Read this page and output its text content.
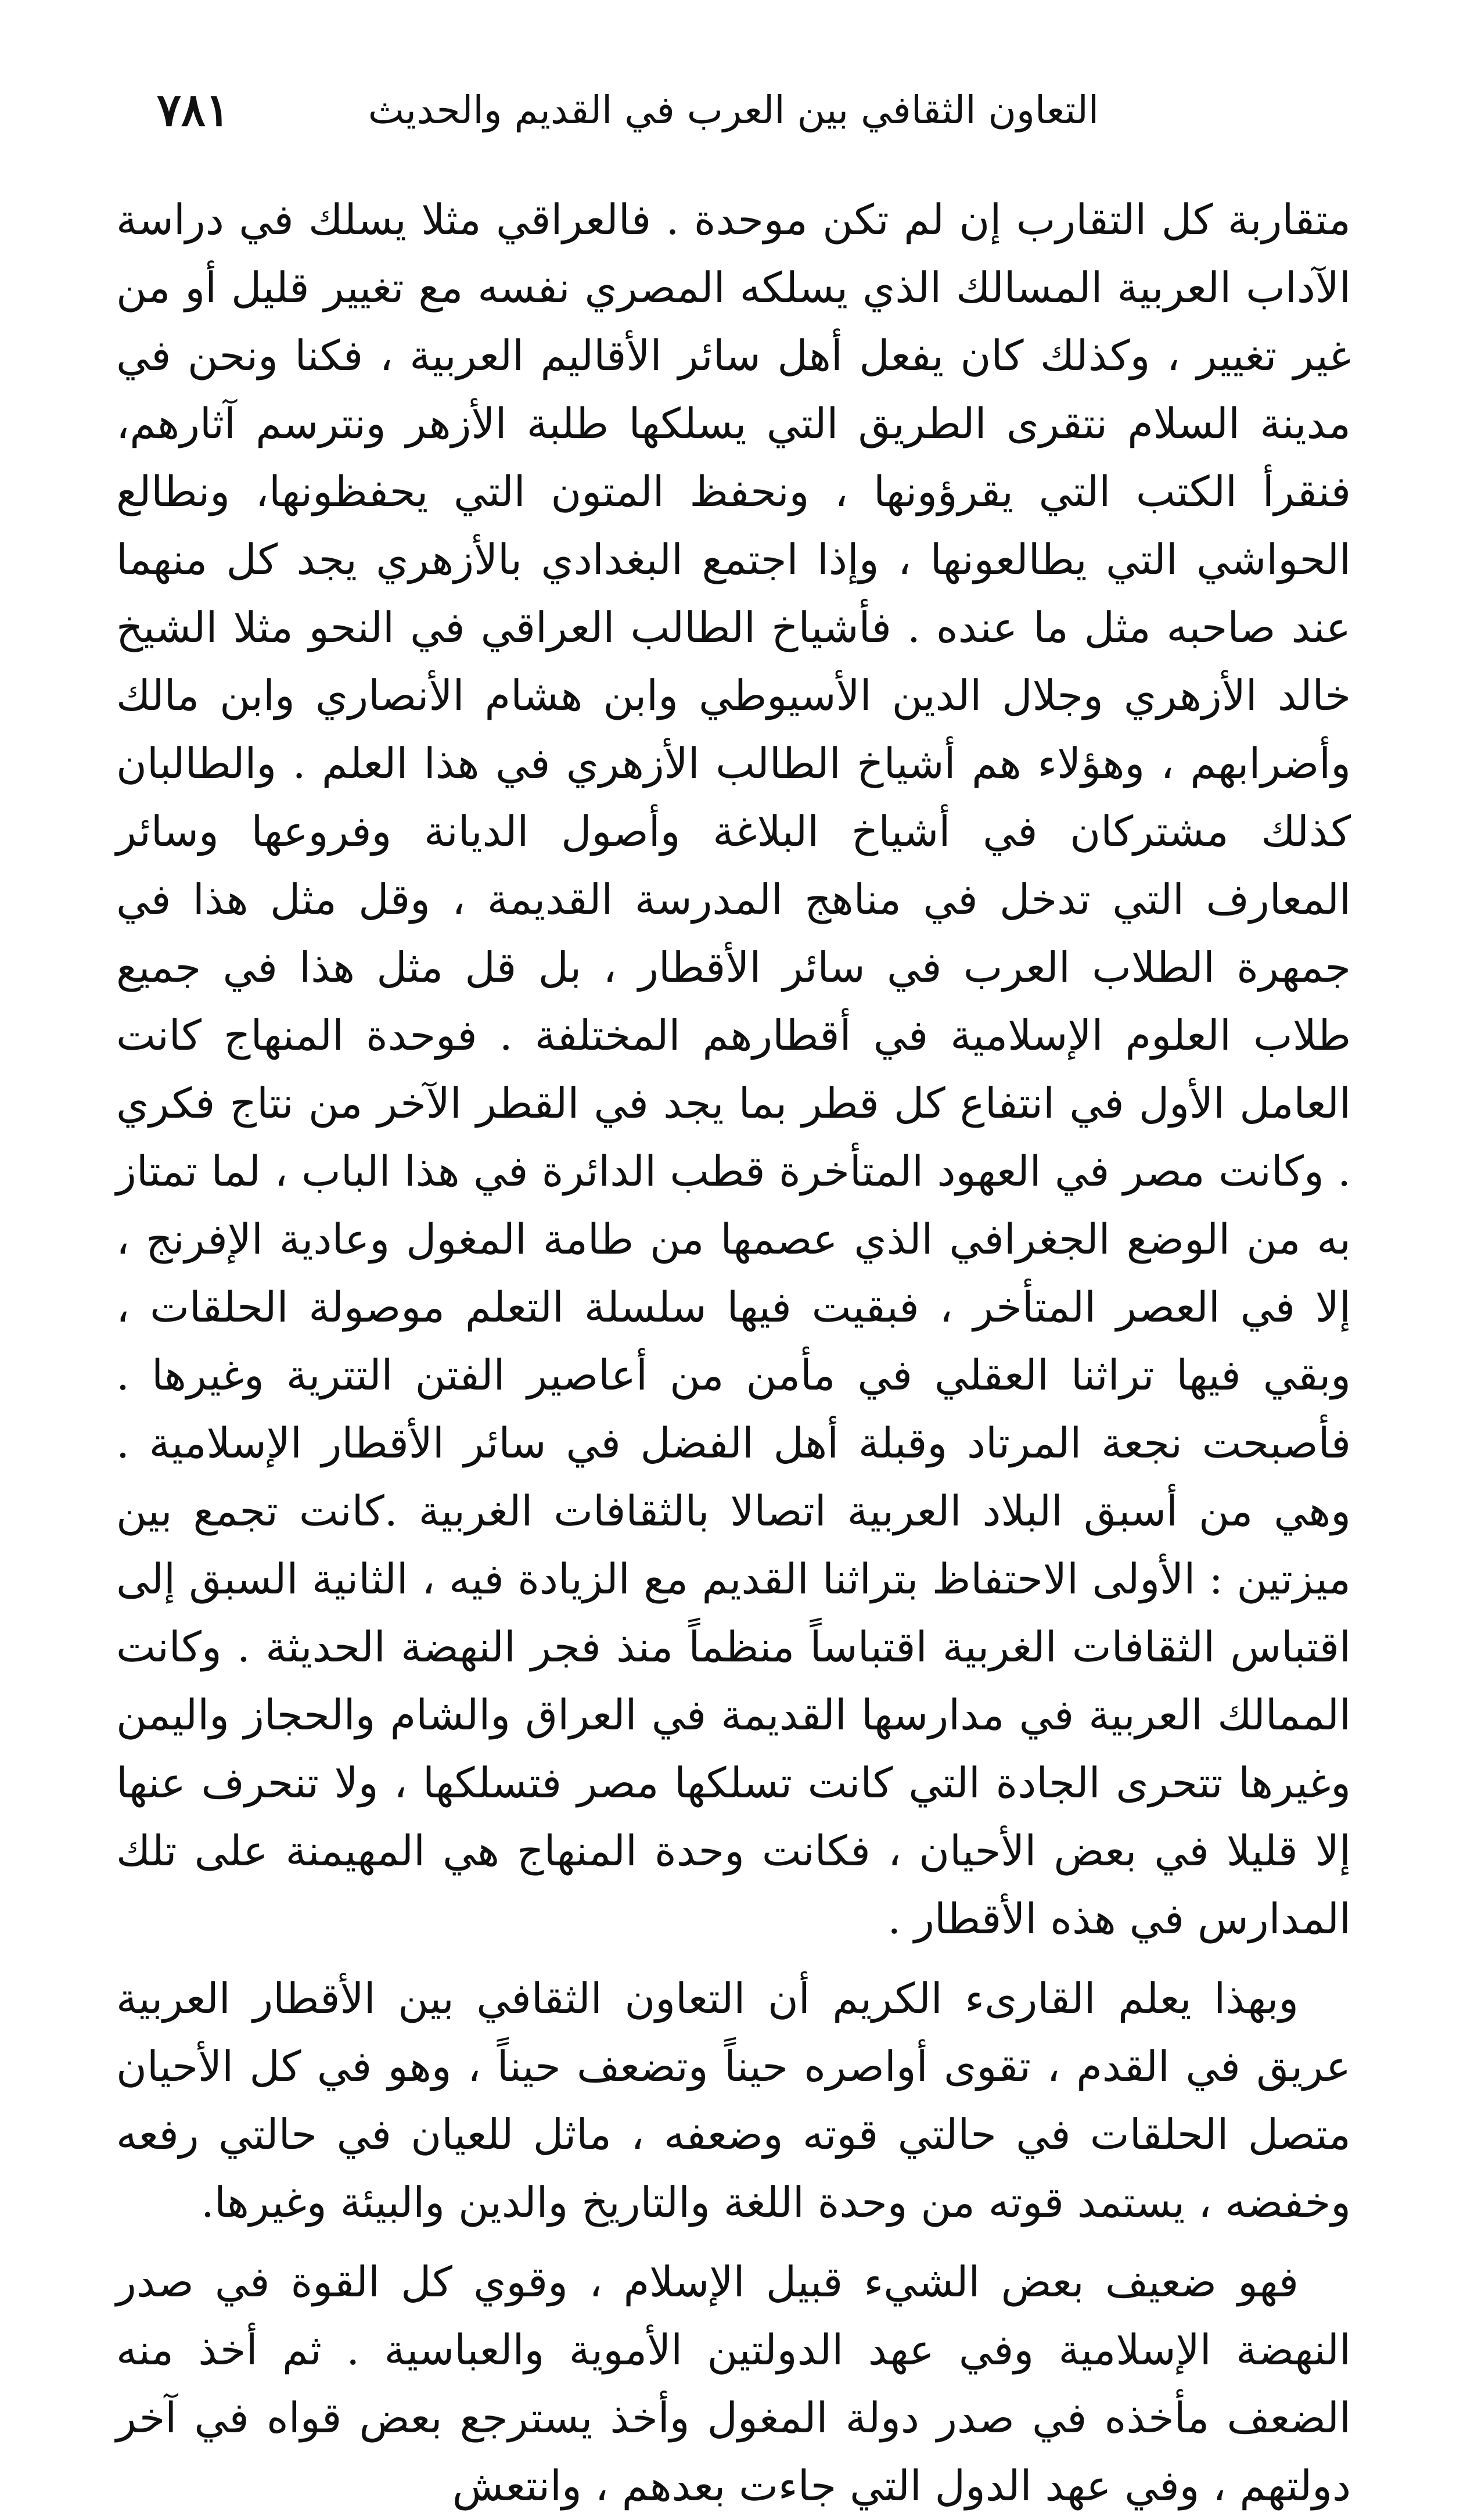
التعاون الثقافي بين العرب في القديم والحديث
٧٨١

متقاربة كل التقارب إن لم تكن موحدة . فالعراقي مثلا يسلك في دراسة الآداب العربية المسالك الذي يسلكه المصري نفسه مع تغيير قليل أو من غير تغيير ، وكذلك كان يفعل أهل سائر الأقاليم العربية ، فكنا ونحن في مدينة السلام نتقرى الطريق التي يسلكها طلبة الأزهر ونترسم آثارهم، فنقرأ الكتب التي يقرؤونها ، ونحفظ المتون التي يحفظونها، ونطالع الحواشي التي يطالعونها ، وإذا اجتمع البغدادي بالأزهري يجد كل منهما عند صاحبه مثل ما عنده . فأشياخ الطالب العراقي في النحو مثلا الشيخ خالد الأزهري وجلال الدين الأسيوطي وابن هشام الأنصاري وابن مالك وأضرابهم ، وهؤلاء هم أشياخ الطالب الأزهري في هذا العلم . والطالبان كذلك مشتركان في أشياخ البلاغة وأصول الديانة وفروعها وسائر المعارف التي تدخل في مناهج المدرسة القديمة ، وقل مثل هذا في جمهرة الطلاب العرب في سائر الأقطار ، بل قل مثل هذا في جميع طلاب العلوم الإسلامية في أقطارهم المختلفة . فوحدة المنهاج كانت العامل الأول في انتفاع كل قطر بما يجد في القطر الآخر من نتاج فكري . وكانت مصر في العهود المتأخرة قطب الدائرة في هذا الباب ، لما تمتاز به من الوضع الجغرافي الذي عصمها من طامة المغول وعادية الإفرنج ، إلا في العصر المتأخر ، فبقيت فيها سلسلة التعلم موصولة الحلقات ، وبقي فيها تراثنا العقلي في مأمن من أعاصير الفتن التترية وغيرها . فأصبحت نجعة المرتاد وقبلة أهل الفضل في سائر الأقطار الإسلامية . وهي من أسبق البلاد العربية اتصالا بالثقافات الغربية .كانت تجمع بين ميزتين : الأولى الاحتفاظ بتراثنا القديم مع الزيادة فيه ، الثانية السبق إلى اقتباس الثقافات الغربية اقتباساً منظماً منذ فجر النهضة الحديثة . وكانت الممالك العربية في مدارسها القديمة في العراق والشام والحجاز واليمن وغيرها تتحرى الجادة التي كانت تسلكها مصر فتسلكها ، ولا تنحرف عنها إلا قليلا في بعض الأحيان ، فكانت وحدة المنهاج هي المهيمنة على تلك المدارس في هذه الأقطار .

وبهذا يعلم القارىء الكريم أن التعاون الثقافي بين الأقطار العربية عريق في القدم ، تقوى أواصره حيناً وتضعف حيناً ، وهو في كل الأحيان متصل الحلقات في حالتي قوته وضعفه ، ماثل للعيان في حالتي رفعه وخفضه ، يستمد قوته من وحدة اللغة والتاريخ والدين والبيئة وغيرها.

فهو ضعيف بعض الشيء قبيل الإسلام ، وقوي كل القوة في صدر النهضة الإسلامية وفي عهد الدولتين الأموية والعباسية . ثم أخذ منه الضعف مأخذه في صدر دولة المغول وأخذ يسترجع بعض قواه في آخر دولتهم ، وفي عهد الدول التي جاءت بعدهم ، وانتعش
